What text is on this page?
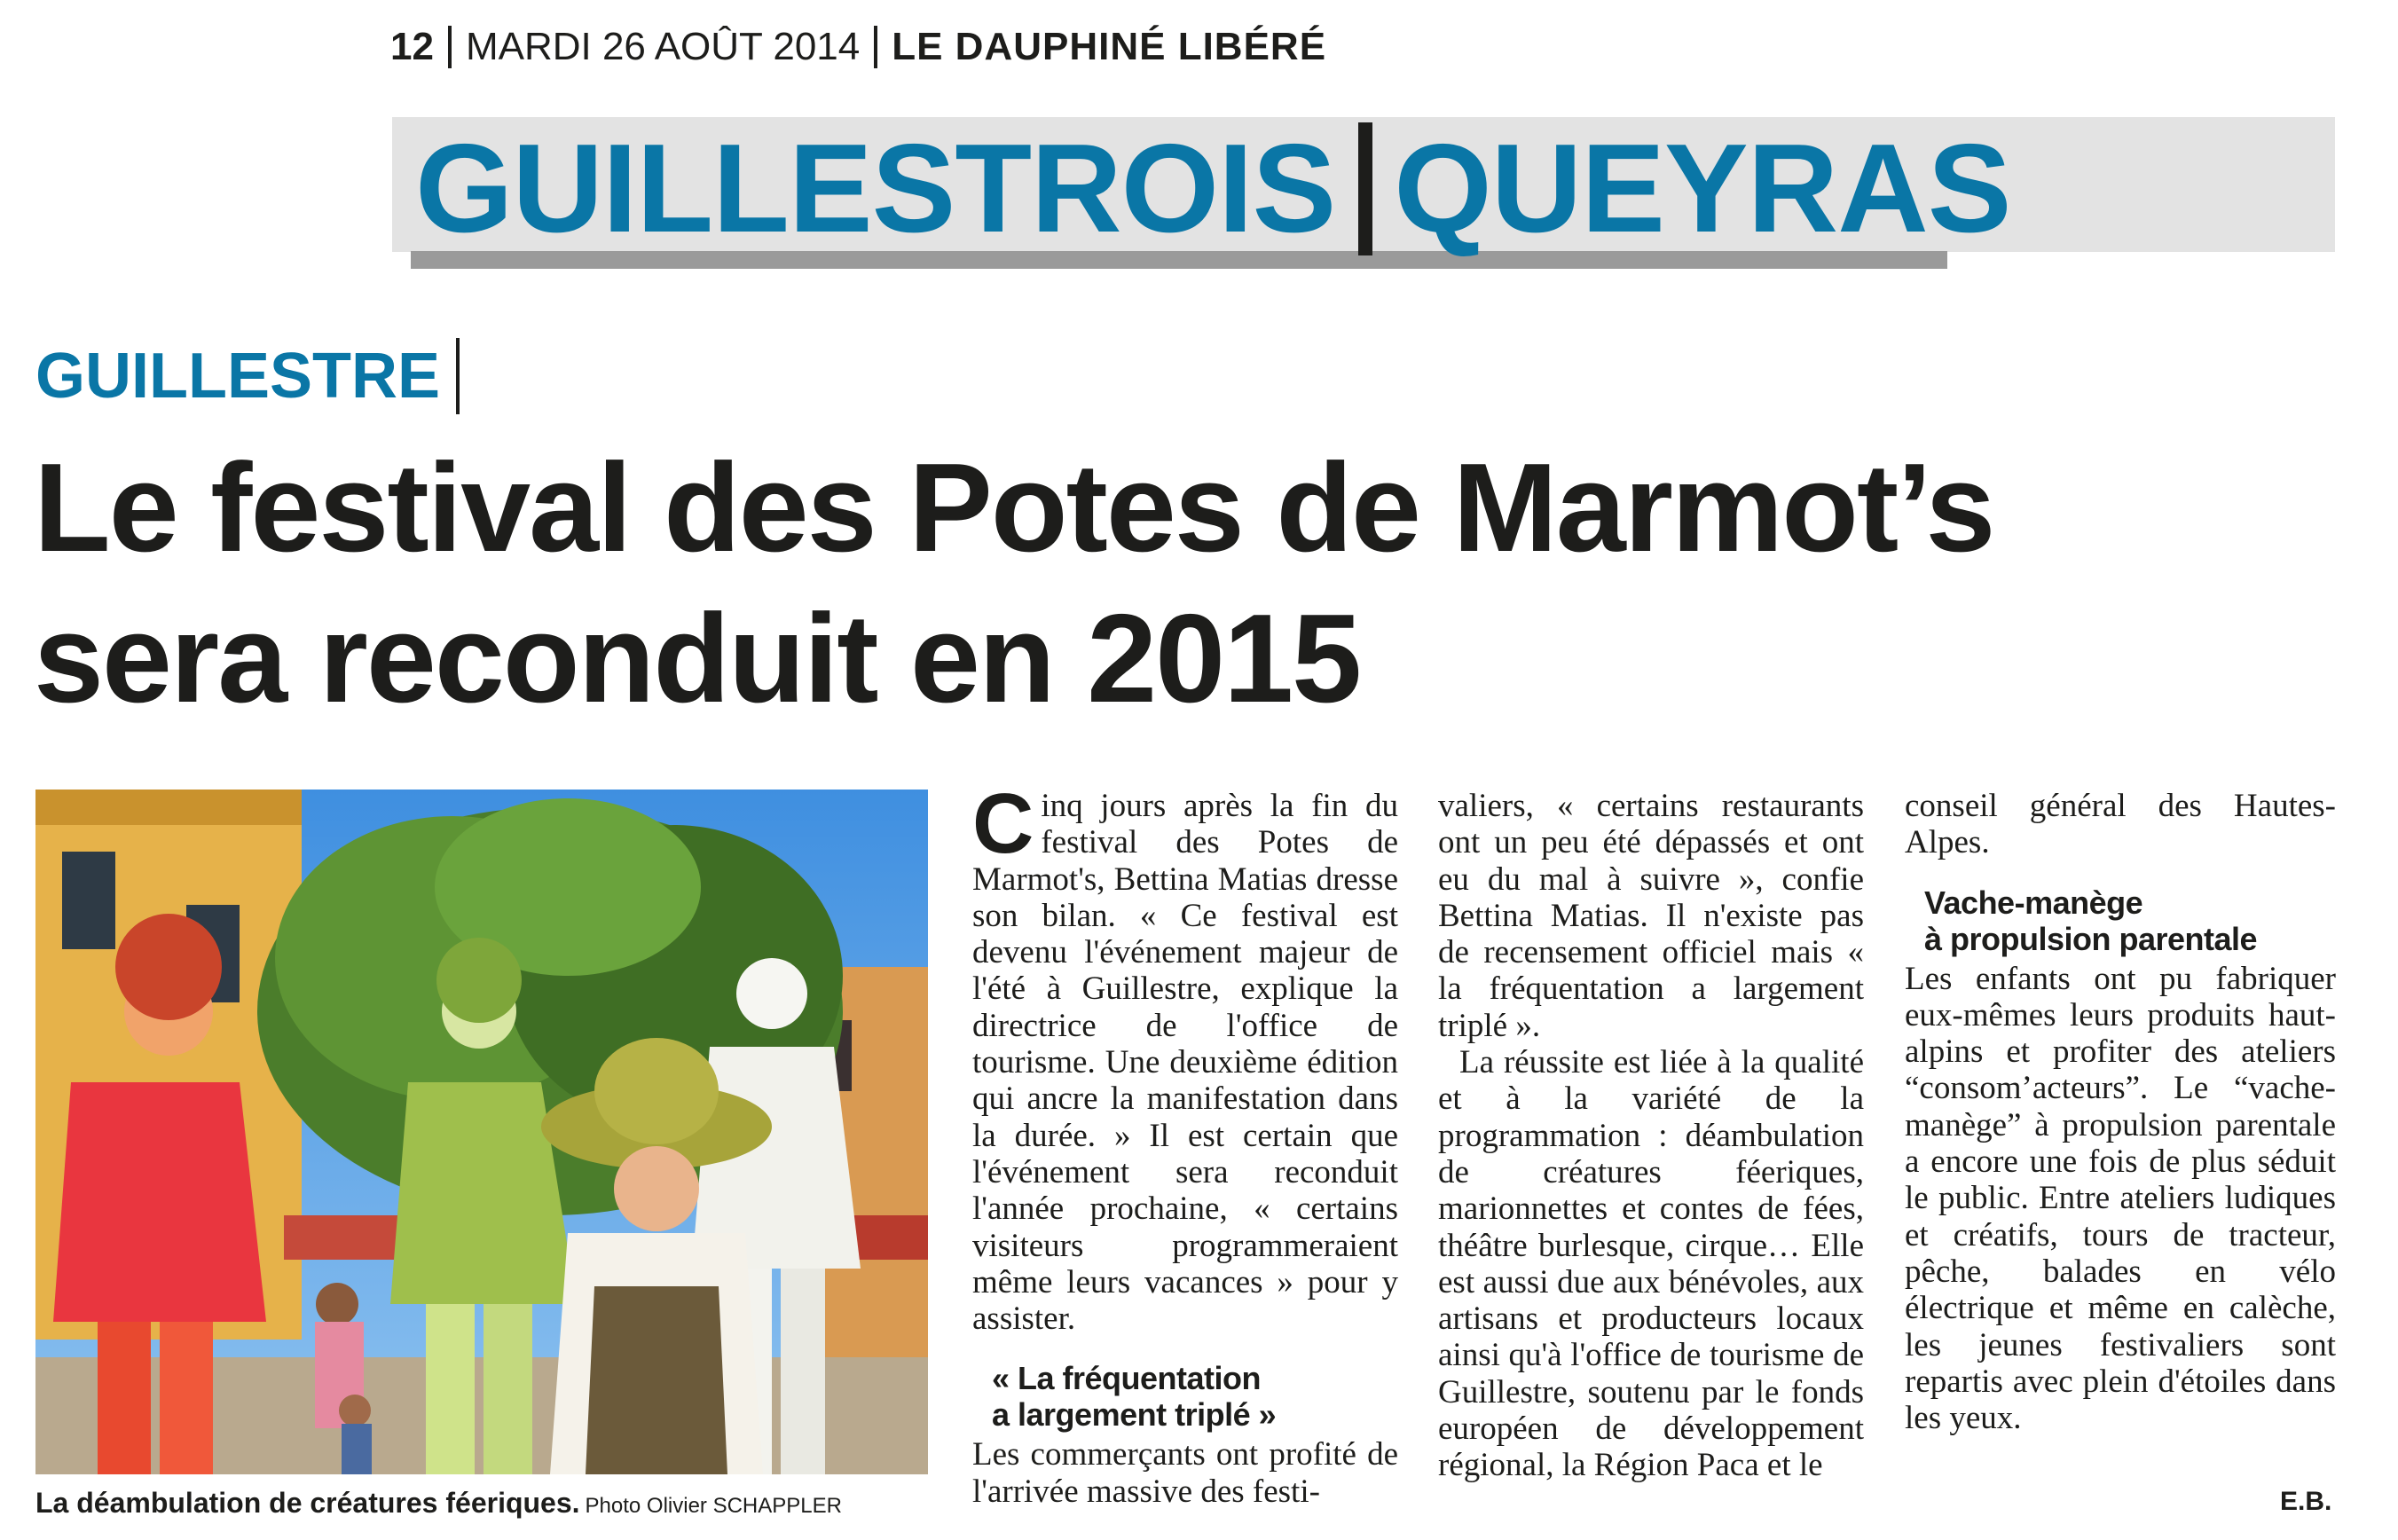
12 MARDI 26 AOÛT 2014 LE DAUPHINÉ LIBÉRÉ
GUILLESTROIS QUEYRAS
GUILLESTRE
Le festival des Potes de Marmot’s
sera reconduit en 2015
La déambulation de créatures féeriques. Photo Olivier SCHAPPLER

Cinq jours après la fin du festival des Potes de Marmot's, Bettina Matias dresse son bilan. « Ce festival est devenu l'événement majeur de l'été à Guillestre, explique la directrice de l'office de tourisme. Une deuxième édition qui ancre la manifestation dans la durée. » Il est certain que l'événement sera reconduit l'année prochaine, « certains visiteurs programmeraient même leurs vacances » pour y assister.

« La fréquentation
a largement triplé »

Les commerçants ont profité de l'arrivée massive des festi-

valiers, « certains restaurants ont un peu été dépassés et ont eu du mal à suivre », confie Bettina Matias. Il n'existe pas de recensement officiel mais « la fréquentation a largement triplé ».

La réussite est liée à la qualité et à la variété de la programmation : déambulation de créatures féeriques, marionnettes et contes de fées, théâtre burlesque, cirque… Elle est aussi due aux bénévoles, aux artisans et producteurs locaux ainsi qu'à l'office de tourisme de Guillestre, soutenu par le fonds européen de développement régional, la Région Paca et le

conseil général des Hautes-Alpes.

Vache-manège
à propulsion parentale

Les enfants ont pu fabriquer eux-mêmes leurs produits haut-alpins et profiter des ateliers “consom’acteurs”. Le “vache-manège” à propulsion parentale a encore une fois de plus séduit le public. Entre ateliers ludiques et créatifs, tours de tracteur, pêche, balades en vélo électrique et même en calèche, les jeunes festivaliers sont repartis avec plein d'étoiles dans les yeux.

E.B.
